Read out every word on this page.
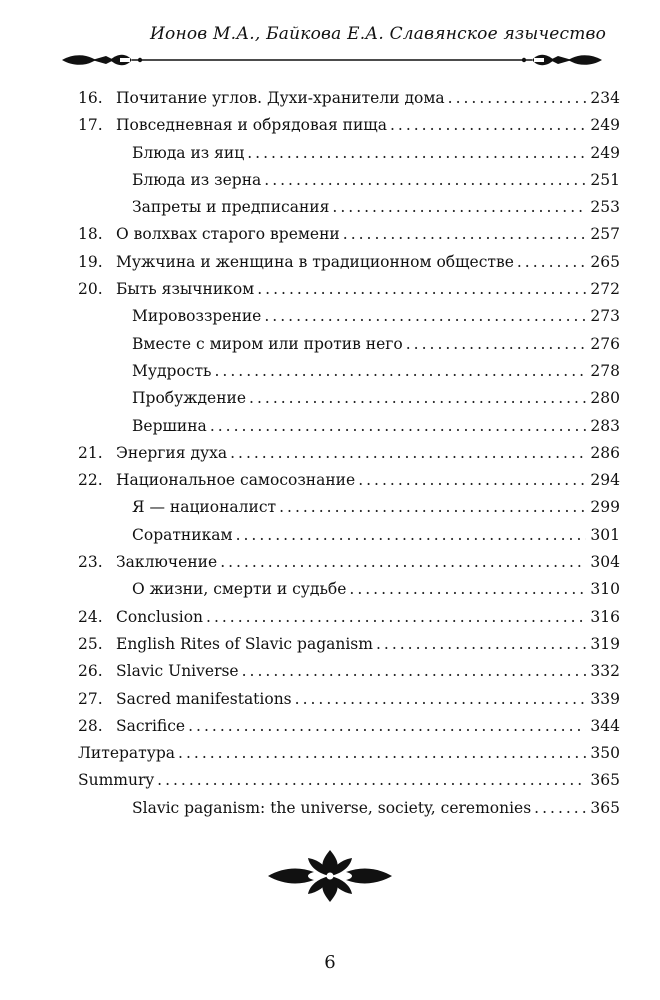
Ионов М.А., Байкова Е.А. Славянское язычество
16. Почитание углов. Духи-хранители дома .....	234
17. Повседневная и обрядовая пища .....	249
Блюда из яиц .....	249
Блюда из зерна .....	251
Запреты и предписания .....	253
18. О волхвах старого времени .....	257
19. Мужчина и женщина в традиционном обществе .....	265
20. Быть язычником .....	272
Мировоззрение .....	273
Вместе с миром или против него .....	276
Мудрость .....	278
Пробуждение .....	280
Вершина .....	283
21. Энергия духа .....	286
22. Национальное самосознание .....	294
Я — националист .....	299
Соратникам .....	301
23. Заключение .....	304
О жизни, смерти и судьбе .....	310
24. Conclusion .....	316
25. English Rites of Slavic paganism .....	319
26. Slavic Universe .....	332
27. Sacred manifestations .....	339
28. Sacrifice .....	344
Литература .....	350
Summury .....	365
Slavic paganism: the universe, society, ceremonies .....	365
6
